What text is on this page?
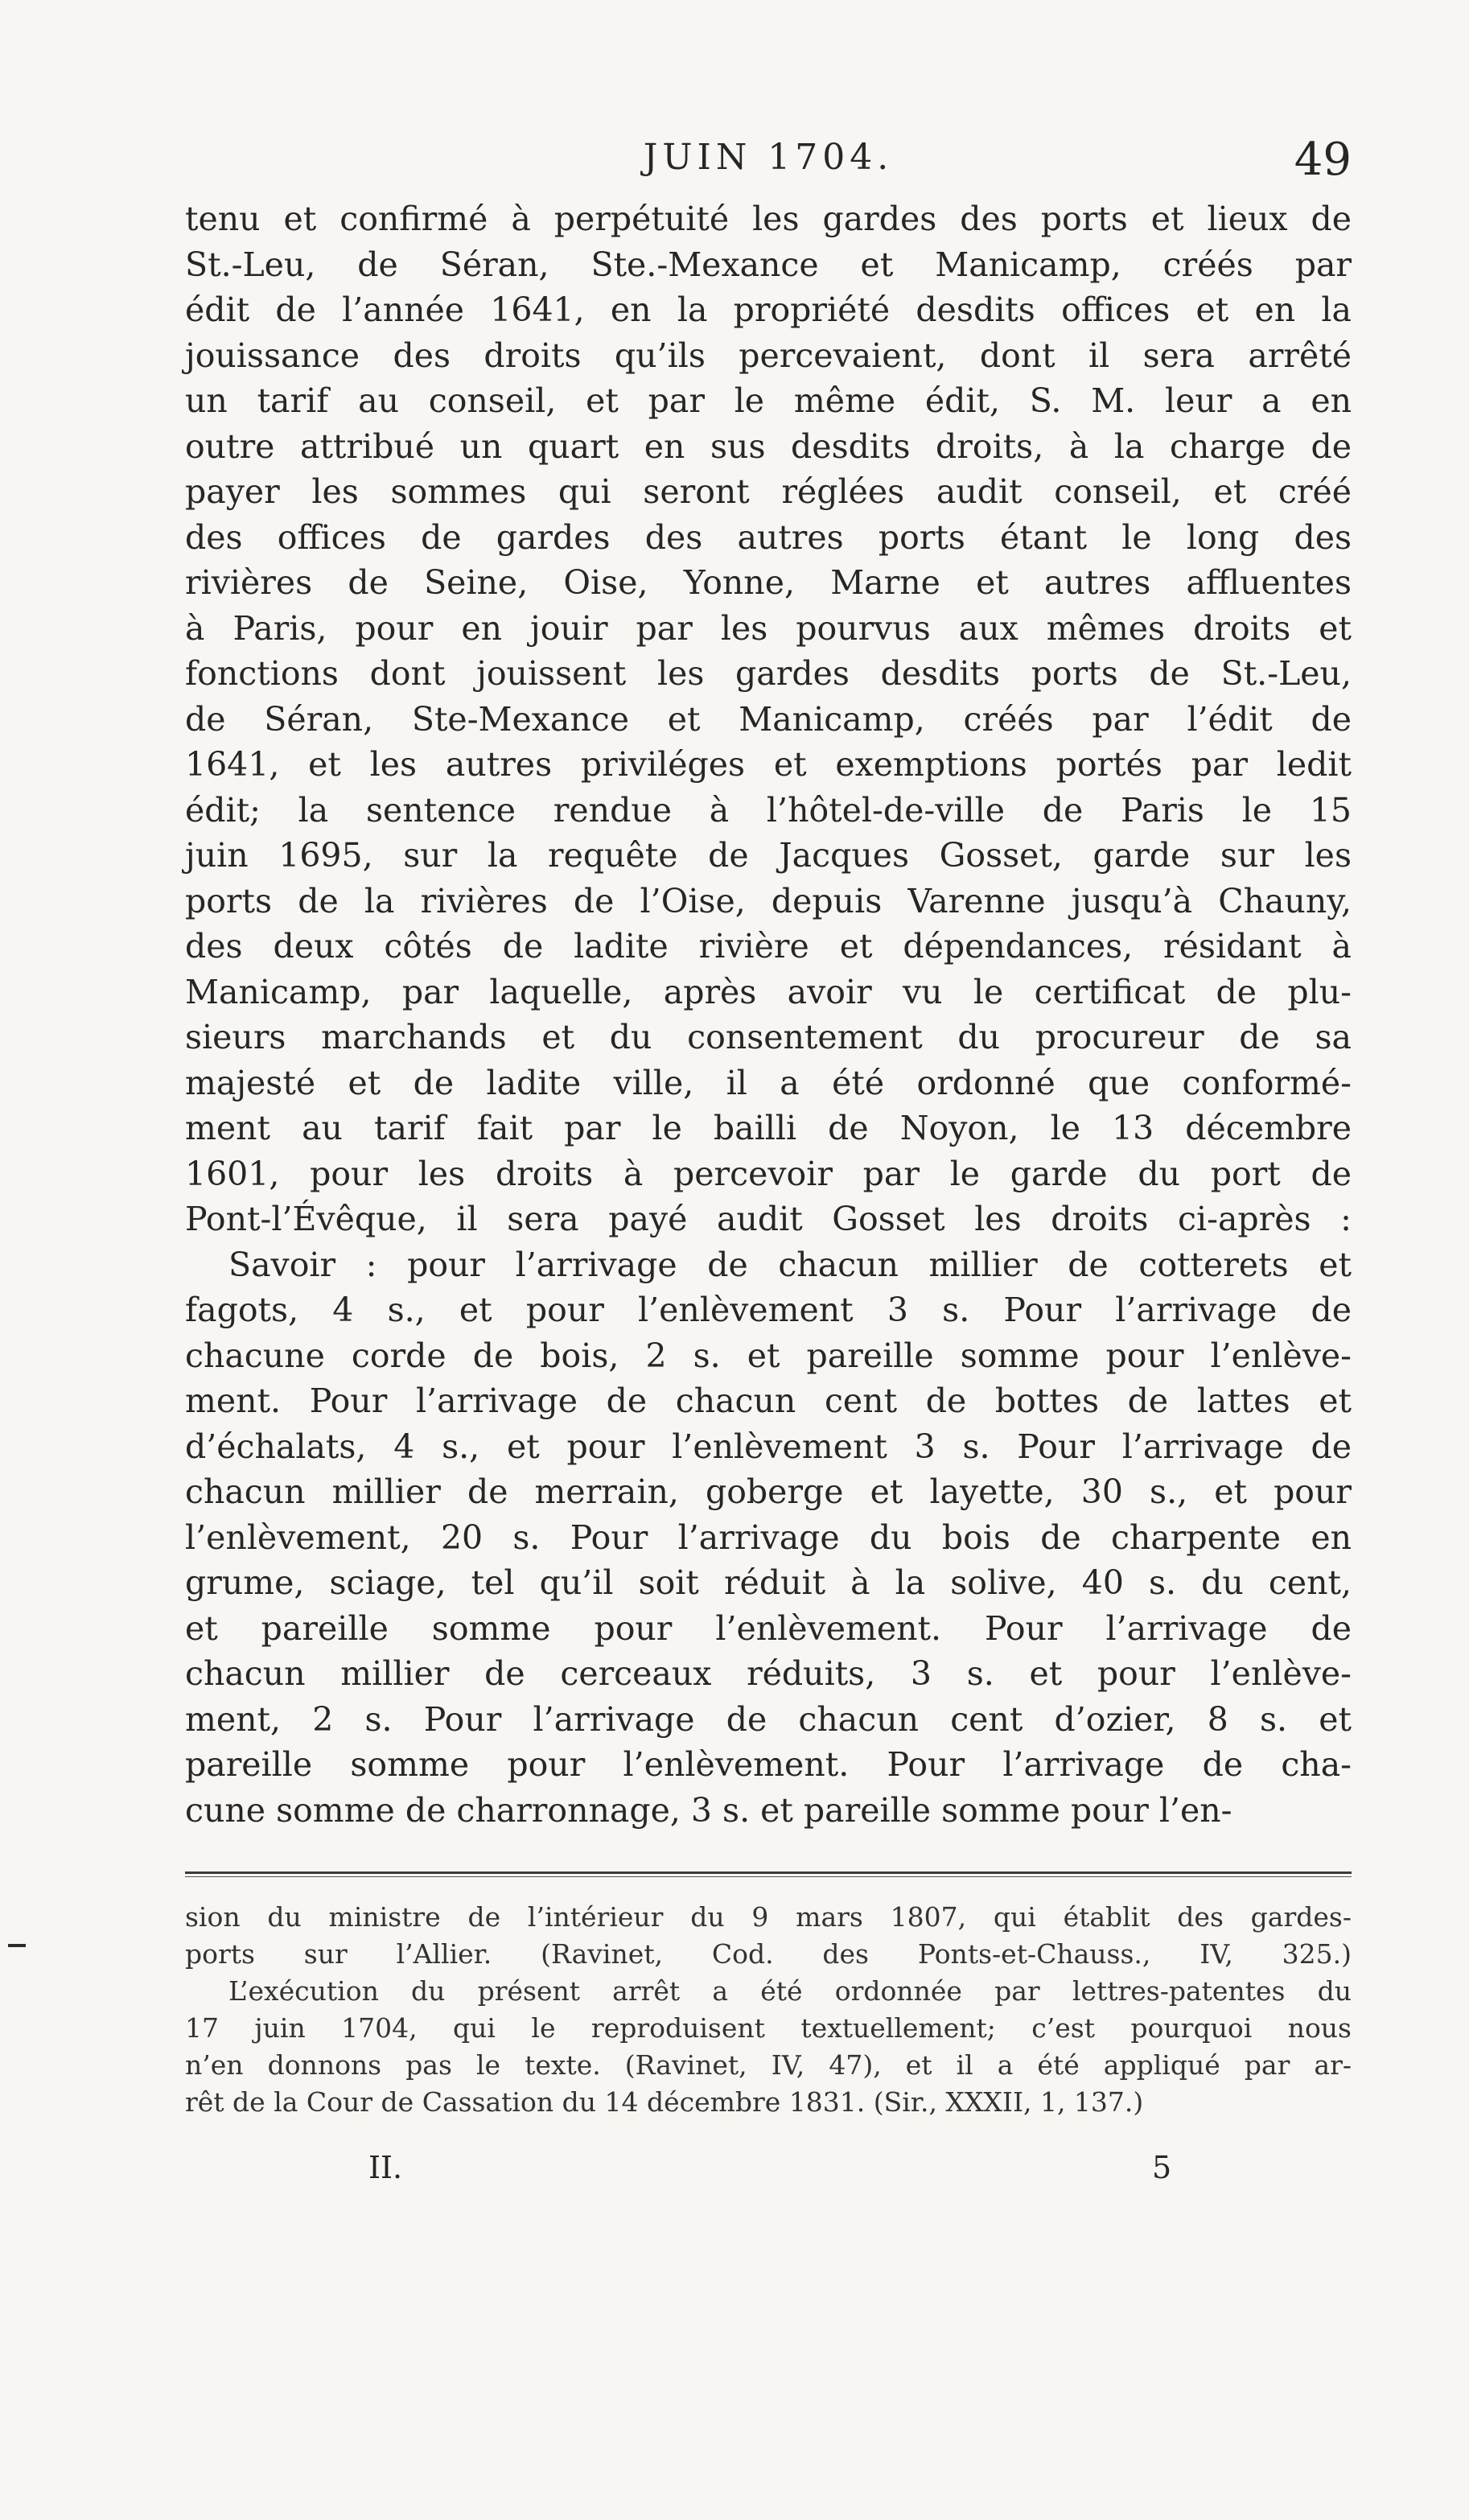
JUIN 1704.	49
tenu et confirmé à perpétuité les gardes des ports et lieux de
St.-Leu, de Séran, Ste.-Mexance et Manicamp, créés par
édit de l’année 1641, en la propriété desdits offices et en la
jouissance des droits qu’ils percevaient, dont il sera arrêté
un tarif au conseil, et par le même édit, S. M. leur a en
outre attribué un quart en sus desdits droits, à la charge de
payer les sommes qui seront réglées audit conseil, et créé
des offices de gardes des autres ports étant le long des
rivières de Seine, Oise, Yonne, Marne et autres affluentes
à Paris, pour en jouir par les pourvus aux mêmes droits et
fonctions dont jouissent les gardes desdits ports de St.-Leu,
de Séran, Ste-Mexance et Manicamp, créés par l’édit de
1641, et les autres priviléges et exemptions portés par ledit
édit; la sentence rendue à l’hôtel-de-ville de Paris le 15
juin 1695, sur la requête de Jacques Gosset, garde sur les
ports de la rivières de l’Oise, depuis Varenne jusqu’à Chauny,
des deux côtés de ladite rivière et dépendances, résidant à
Manicamp, par laquelle, après avoir vu le certificat de plu-
sieurs marchands et du consentement du procureur de sa
majesté et de ladite ville, il a été ordonné que conformé-
ment au tarif fait par le bailli de Noyon, le 13 décembre
1601, pour les droits à percevoir par le garde du port de
Pont-l’Évêque, il sera payé audit Gosset les droits ci-après :
Savoir : pour l’arrivage de chacun millier de cotterets et
fagots, 4 s., et pour l’enlèvement 3 s. Pour l’arrivage de
chacune corde de bois, 2 s. et pareille somme pour l’enlève-
ment. Pour l’arrivage de chacun cent de bottes de lattes et
d’échalats, 4 s., et pour l’enlèvement 3 s. Pour l’arrivage de
chacun millier de merrain, goberge et layette, 30 s., et pour
l’enlèvement, 20 s. Pour l’arrivage du bois de charpente en
grume, sciage, tel qu’il soit réduit à la solive, 40 s. du cent,
et pareille somme pour l’enlèvement. Pour l’arrivage de
chacun millier de cerceaux réduits, 3 s. et pour l’enlève-
ment, 2 s. Pour l’arrivage de chacun cent d’ozier, 8 s. et
pareille somme pour l’enlèvement. Pour l’arrivage de cha-
cune somme de charronnage, 3 s. et pareille somme pour l’en-
sion du ministre de l’intérieur du 9 mars 1807, qui établit des gardes-
ports sur l’Allier. (Ravinet, Cod. des Ponts-et-Chauss., IV, 325.)
L’exécution du présent arrêt a été ordonnée par lettres-patentes du
17 juin 1704, qui le reproduisent textuellement; c’est pourquoi nous
n’en donnons pas le texte. (Ravinet, IV, 47), et il a été appliqué par ar-
rêt de la Cour de Cassation du 14 décembre 1831. (Sir., XXXII, 1, 137.)
II.	5
